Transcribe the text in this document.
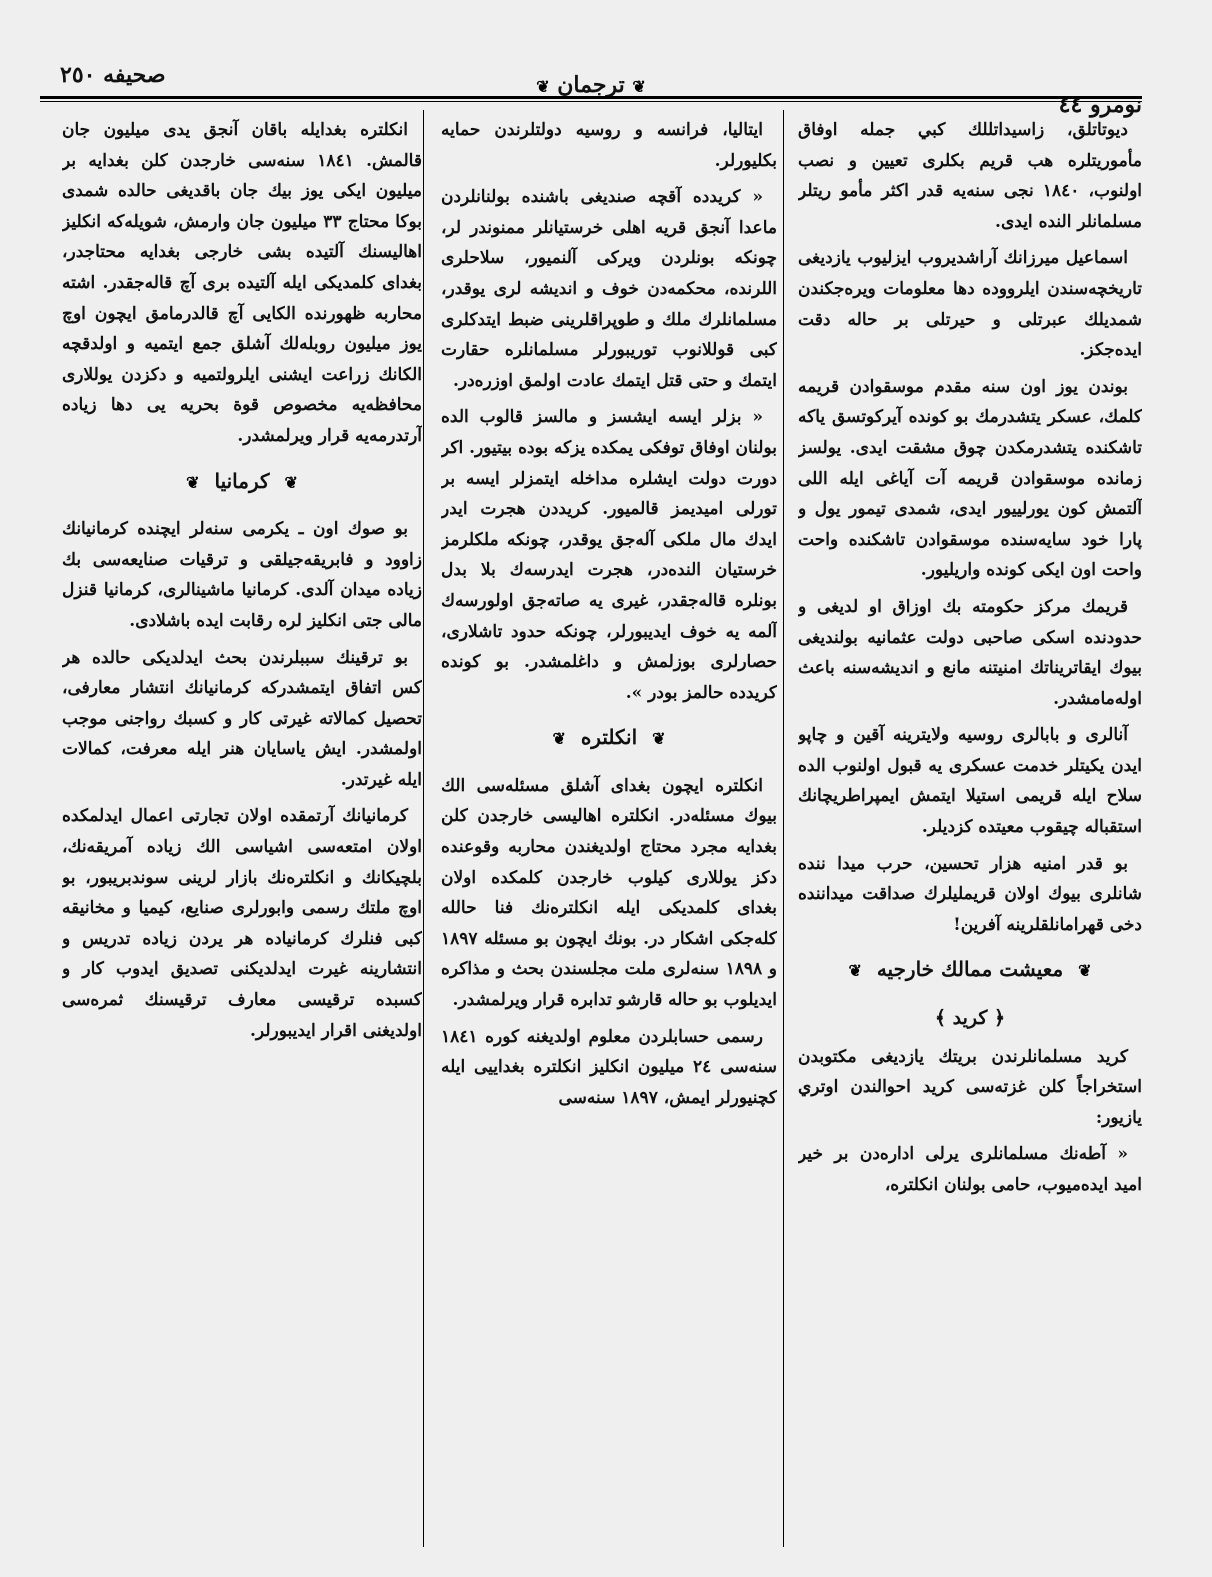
صحيفه ٢٥٠	❦ ترجمان ❦
نومرو ٤٤

ديوتاتلق، زاسيداتللك كبي جمله اوفاق مأموريتلره هب قريم بكلرى تعيين و نصب اولنوب، ١٨٤٠ نجى سنه‌يه قدر اكثر مأمو ريتلر مسلمانلر النده ايدى.

اسماعيل ميرزانك آراشديروب ايزليوب يازديغى تاريخچه‌سندن ايلرووده دها معلومات ويره‌جكندن شمديلك عبرتلى و حيرتلى بر حاله دقت ايده‌جكز.

بوندن يوز اون سنه مقدم موسقوادن قريمه كلمك، عسكر يتشدرمك بو كونده آيركوتسق ياكه تاشكنده يتشدرمكدن چوق مشقت ايدى. يولسز زمانده موسقوادن قريمه آت آياغى ايله اللى آلتمش كون يورلييور ايدى، شمدى تيمور يول و پارا خود سايه‌سنده موسقوادن تاشكنده واحت واحت اون ايكى كونده واريليور.

قريمك مركز حكومته بك اوزاق او لديغى و حدودنده اسكى صاحبى دولت عثمانيه بولنديغى بيوك ايقاتريناتك امنيتنه مانع و انديشه‌سنه باعث اوله‌مامشدر.

آنالرى و بابالرى روسيه ولايترينه آقين و چاپو ايدن يكيتلر خدمت عسكرى يه قبول اولنوب الده سلاح ايله قريمى استيلا ايتمش ايمپراطريچانك استقباله چيقوب معيتده كزديلر.

بو قدر امنيه هزار تحسين، حرب ميدا ننده شانلرى بيوك اولان قريمليلرك صداقت ميداننده دخى قهرامانلقلرينه آفرين!

❦ معيشت ممالك خارجيه ❦
﴿ كريد ﴾

كريد مسلمانلرندن بريتك يازديغى مكتوبدن استخراجاً كلن غزته‌سى كريد احوالندن اوتري يازيور:

« آطه‌نك مسلمانلرى يرلى اداره‌دن بر خير اميد ايده‌ميوب، حامى بولنان انكلتره،

ايتاليا، فرانسه و روسيه دولتلرندن حمايه بكليورلر.

« كريدده آقچه صنديغى باشنده بولنانلردن ماعدا آنجق قريه اهلى خرستيانلر ممنوندر لر، چونكه بونلردن ويركى آلنميور، سلاحلرى اللرنده، محكمه‌دن خوف و انديشه لرى يوقدر، مسلمانلرك ملك و طوپراقلرينى ضبط ايتدكلرى كبى قوللانوب توريبورلر مسلمانلره حقارت ايتمك و حتى قتل ايتمك عادت اولمق اوزره‌در.

« بزلر ايسه ايشسز و مالسز قالوب الده بولنان اوفاق توفكى يمكده يزكه بوده بيتيور. اكر دورت دولت ايشلره مداخله ايتمزلر ايسه بر تورلى اميديمز قالميور. كريددن هجرت ايدر ايدك مال ملكى آله‌جق يوقدر، چونكه ملكلرمز خرستيان النده‌در، هجرت ايدرسه‌ك بلا بدل بونلره قاله‌جقدر، غيرى يه صاته‌جق اولورسه‌ك آلمه يه خوف ايديبورلر، چونكه حدود تاشلارى، حصارلرى بوزلمش و داغلمشدر. بو كونده كريدده حالمز بودر ».

❦ انكلتره ❦

انكلتره ايچون بغداى آشلق مسئله‌سى الك بيوك مسئله‌در. انكلتره اهاليسى خارجدن كلن بغدايه مجرد محتاج اولديغندن محاربه وقوعنده دكز يوللارى كيلوب خارجدن كلمكده اولان بغداى كلمديكى ايله انكلتره‌نك فنا حالله كله‌جكى اشكار در. بونك ايچون بو مسئله ١٨٩٧ و ١٨٩٨ سنه‌لرى ملت مجلسندن بحث و مذاكره ايديلوب بو حاله قارشو تدابره قرار ويرلمشدر.

رسمى حسابلردن معلوم اولديغنه كوره ١٨٤١ سنه‌سى ٢٤ ميليون انكليز انكلتره بغداييى ايله كچنيورلر ايمش، ١٨٩٧ سنه‌سى

انكلتره بغدايله باقان آنجق يدى ميليون جان قالمش. ١٨٤١ سنه‌سى خارجدن كلن بغدايه بر ميليون ايكى يوز بيك جان باقديغى حالده شمدى بوكا محتاج ٣٣ ميليون جان وارمش، شويله‌كه انكليز اهالیسنك آلتيده بشى خارجى بغدايه محتاجدر، بغداى كلمديكى ايله آلتيده برى آچ قاله‌جقدر. اشته محاربه ظهورنده الكايى آچ قالدرمامق ايچون اوچ يوز ميليون روبله‌لك آشلق جمع ايتميه و اولدقچه الكانك زراعت ايشنى ايلرولتميه و دكزدن يوللارى محافظه‌يه مخصوص قوة بحريه يى دها زياده آرتدرمه‌يه قرار ويرلمشدر.

❦ كرمانيا ❦

بو صوك اون ـ يكرمى سنه‌لر ايچنده كرمانيانك زاوود و فابريقه‌جيلقى و ترقيات صنايعه‌سى بك زياده ميدان آلدى. كرمانيا ماشينالرى، كرمانيا قنزل مالى جتى انكليز لره رقابت ايده باشلادى.

بو ترقينك سببلرندن بحث ايدلديكى حالده هر كس اتفاق ايتمشدركه كرمانيانك انتشار معارفى، تحصيل كمالاته غيرتى كار و كسبك رواجنى موجب اولمشدر. ايش ياسايان هنر ايله معرفت، كمالات ايله غيرتدر.

كرمانيانك آرتمقده اولان تجارتى اعمال ايدلمكده اولان امتعه‌سى اشياسى الك زياده آمريقه‌نك، بلچيكانك و انكلتره‌نك بازار لرينى سوندبريبور، بو اوچ ملتك رسمى وابورلرى صنايع، كيميا و مخانيقه كبى فنلرك كرمانياده هر يردن زياده تدريس و انتشارينه غيرت ايدلديكنى تصديق ايدوب كار و كسبده ترقيسى معارف ترقيسنك ثمره‌سى اولديغنى اقرار ايديبورلر.
